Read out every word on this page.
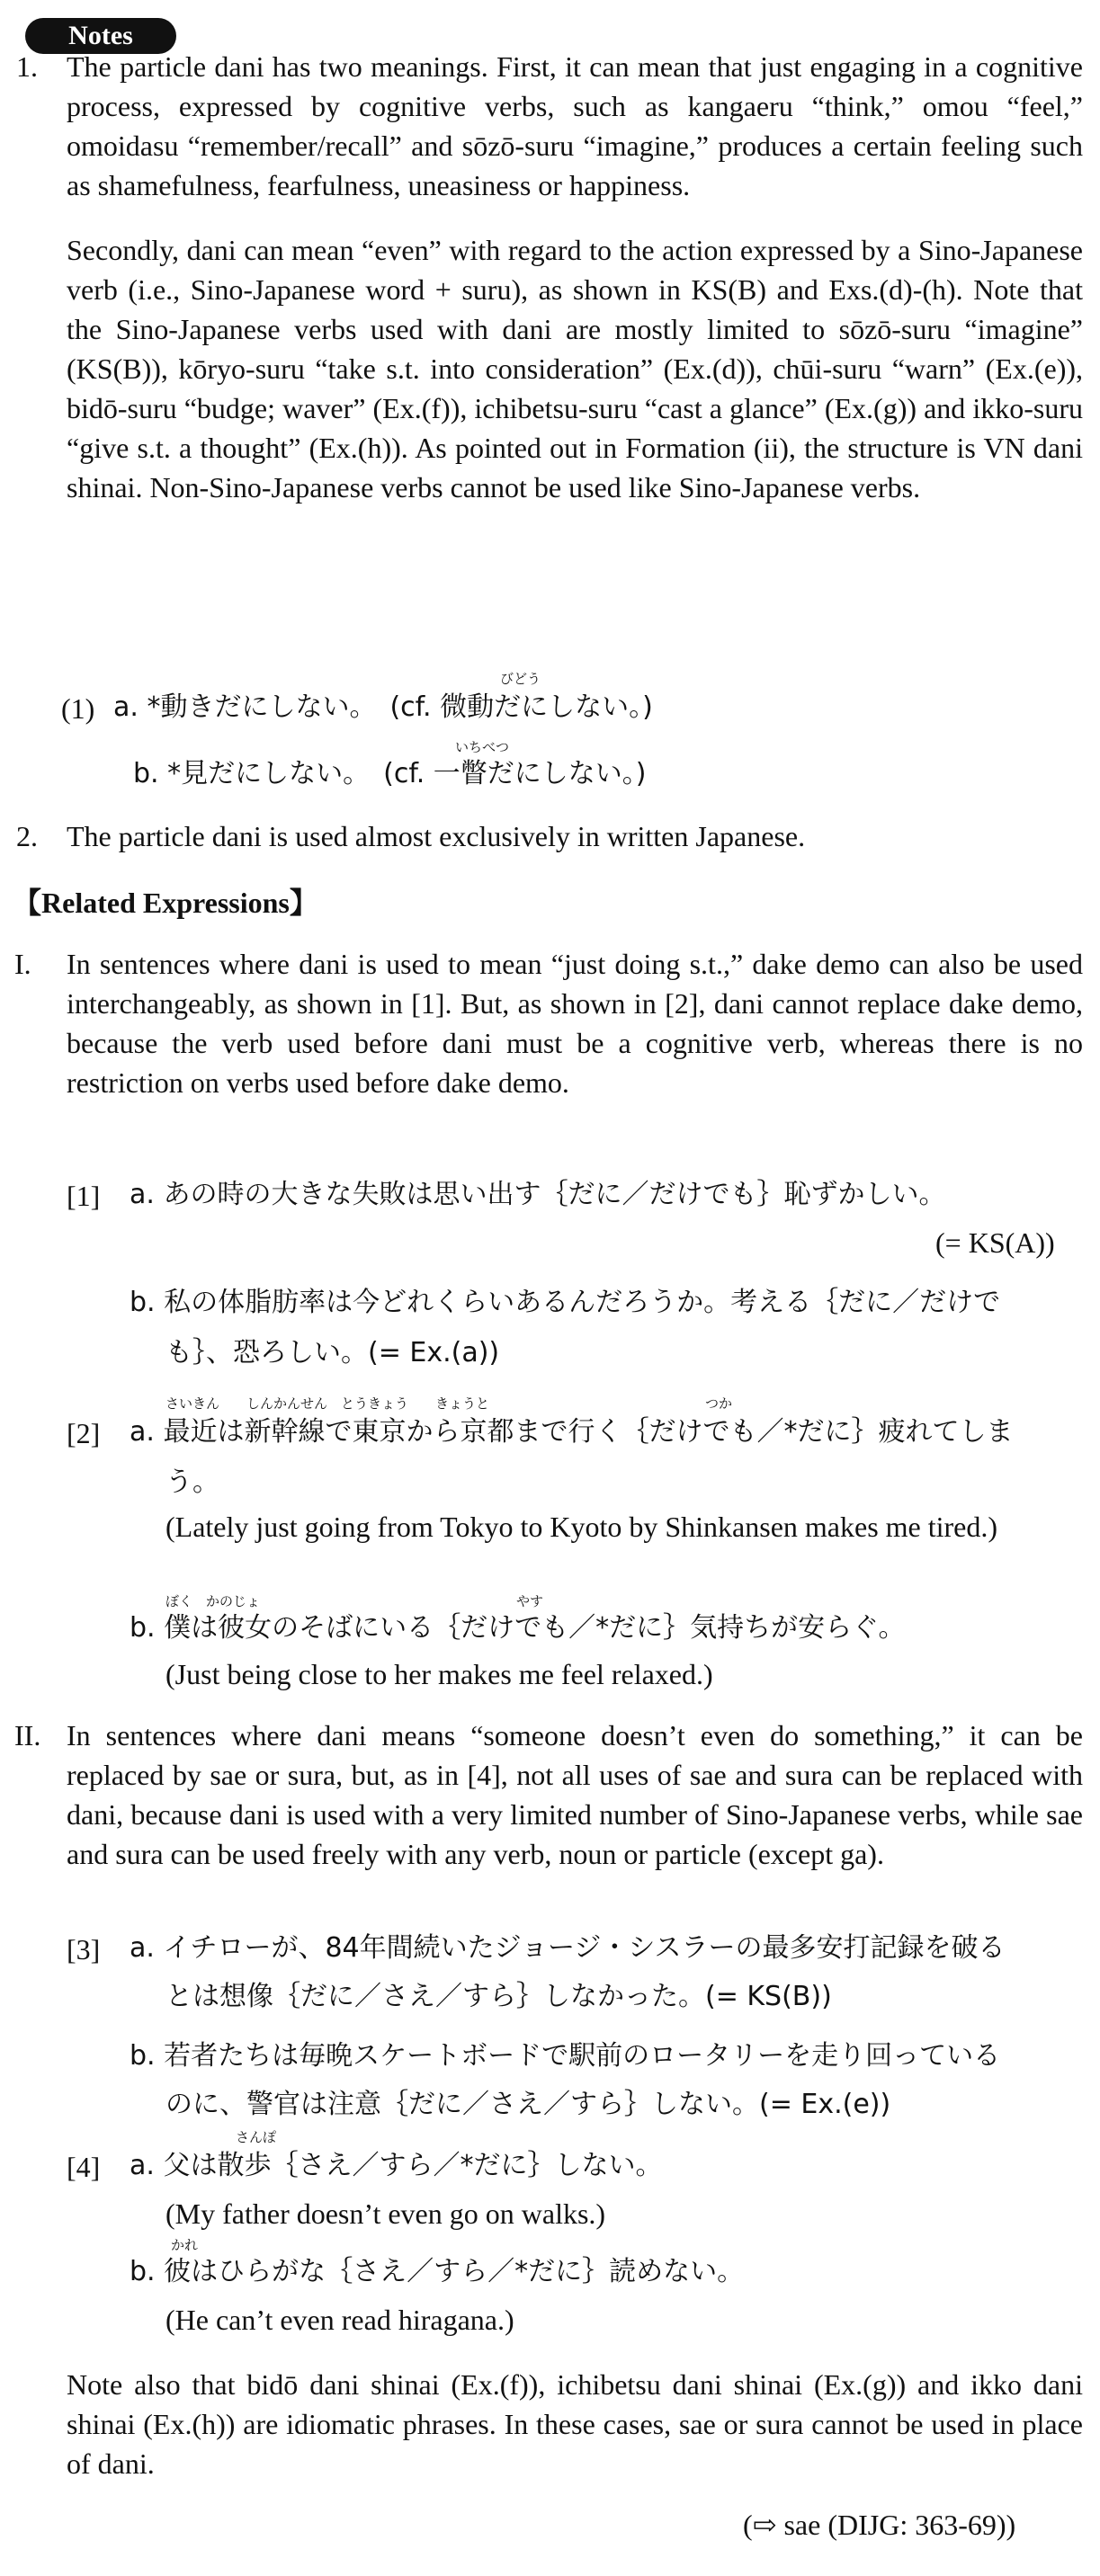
Notes
1. The particle dani has two meanings. First, it can mean that just engaging in a cognitive process, expressed by cognitive verbs, such as kangaeru “think,” omou “feel,” omoidasu “remember/recall” and sōzō-suru “imagine,” produces a certain feeling such as shamefulness, fearfulness, uneasiness or happiness.

Secondly, dani can mean “even” with regard to the action expressed by a Sino-Japanese verb (i.e., Sino-Japanese word + suru), as shown in KS(B) and Exs.(d)-(h). Note that the Sino-Japanese verbs used with dani are mostly limited to sōzō-suru “imagine” (KS(B)), kōryo-suru “take s.t. into consideration” (Ex.(d)), chūi-suru “warn” (Ex.(e)), bidō-suru “budge; waver” (Ex.(f)), ichibetsu-suru “cast a glance” (Ex.(g)) and ikko-suru “give s.t. a thought” (Ex.(h)). As pointed out in Formation (ii), the structure is VN dani shinai. Non-Sino-Japanese verbs cannot be used like Sino-Japanese verbs.

(1)
びどう
a. *動きだにしない。　(cf. 微動だにしない。)
いちべつ
b. *見だにしない。　(cf. 一瞥だにしない。)
2. The particle dani is used almost exclusively in written Japanese.

【Related Expressions】
I. In sentences where dani is used to mean “just doing s.t.,” dake demo can also be used interchangeably, as shown in [1]. But, as shown in [2], dani cannot replace dake demo, because the verb used before dani must be a cognitive verb, whereas there is no restriction on verbs used before dake demo.

[1] a. あの時の大きな失敗は思い出す｛だに／だけでも｝恥ずかしい。
(= KS(A))
b. 私の体脂肪率は今どれくらいあるんだろうか。考える｛だに／だけで
も｝、恐ろしい。(= Ex.(a))
[2]
さいきん　　しんかんせん　とうきょう　　きょうと　　　　　　　　　　　　　　　　つか
a. 最近は新幹線で東京から京都まで行く｛だけでも／*だに｝疲れてしま
う。

(Lately just going from Tokyo to Kyoto by Shinkansen makes me tired.)

ぼく　かのじょ　　　　　　　　　　　　　　　　　　　やす
b. 僕は彼女のそばにいる｛だけでも／*だに｝気持ちが安らぐ。
(Just being close to her makes me feel relaxed.)
II. In sentences where dani means “someone doesn’t even do something,” it can be replaced by sae or sura, but, as in [4], not all uses of sae and sura can be replaced with dani, because dani is used with a very limited number of Sino-Japanese verbs, while sae and sura can be used freely with any verb, noun or particle (except ga).

[3] a. イチローが、84年間続いたジョージ・シスラーの最多安打記録を破る
とは想像｛だに／さえ／すら｝しなかった。(= KS(B))
b. 若者たちは毎晩スケートボードで駅前のロータリーを走り回っている
のに、警官は注意｛だに／さえ／すら｝しない。(= Ex.(e))
[4]
さんぽ
a. 父は散歩｛さえ／すら／*だに｝しない。
(My father doesn’t even go on walks.)
かれ
b. 彼はひらがな｛さえ／すら／*だに｝読めない。
(He can’t even read hiragana.)

Note also that bidō dani shinai (Ex.(f)), ichibetsu dani shinai (Ex.(g)) and ikko dani shinai (Ex.(h)) are idiomatic phrases. In these cases, sae or sura cannot be used in place of dani.

(⇨ sae (DIJG: 363-69))
